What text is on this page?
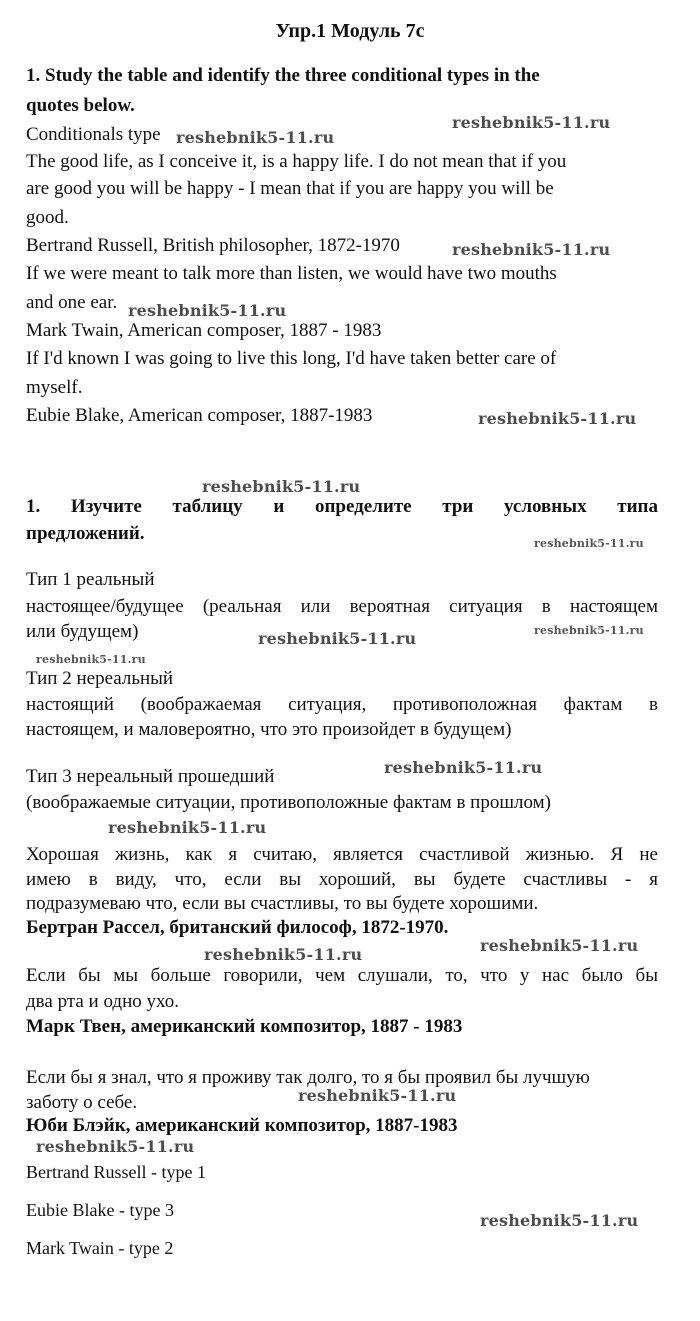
Упр.1 Модуль 7с
1. Study the table and identify the three conditional types in the
quotes below.
Conditionals type
The good life, as I conceive it, is a happy life. I do not mean that if you
are good you will be happy - I mean that if you are happy you will be
good.
Bertrand Russell, British philosopher, 1872-1970
If we were meant to talk more than listen, we would have two mouths
and one ear.
Mark Twain, American composer, 1887 - 1983
If I'd known I was going to live this long, I'd have taken better care of
myself.
Eubie Blake, American composer, 1887-1983
1. Изучите таблицу и определите три условных типа
предложений.
Тип 1 реальный
настоящее/будущее (реальная или вероятная ситуация в настоящем
или будущем)
Тип 2 нереальный
настоящий (воображаемая ситуация, противоположная фактам в
настоящем, и маловероятно, что это произойдет в будущем)
Тип 3 нереальный прошедший
(воображаемые ситуации, противоположные фактам в прошлом)
Хорошая жизнь, как я считаю, является счастливой жизнью. Я не
имею в виду, что, если вы хороший, вы будете счастливы - я
подразумеваю что, если вы счастливы, то вы будете хорошими.
Бертран Рассел, британский философ, 1872-1970.
Если бы мы больше говорили, чем слушали, то, что у нас было бы
два рта и одно ухо.
Марк Твен, американский композитор, 1887 - 1983
Если бы я знал, что я проживу так долго, то я бы проявил бы лучшую
заботу о себе.
Юби Блэйк, американский композитор, 1887-1983
Bertrand Russell - type 1
Eubie Blake - type 3
Mark Twain - type 2
reshebnik5-11.ru
reshebnik5-11.ru
reshebnik5-11.ru
reshebnik5-11.ru
reshebnik5-11.ru
reshebnik5-11.ru
reshebnik5-11.ru
reshebnik5-11.ru	reshebnik5-11.ru
reshebnik5-11.ru
reshebnik5-11.ru
reshebnik5-11.ru
reshebnik5-11.ru
reshebnik5-11.ru
reshebnik5-11.ru
reshebnik5-11.ru
reshebnik5-11.ru
